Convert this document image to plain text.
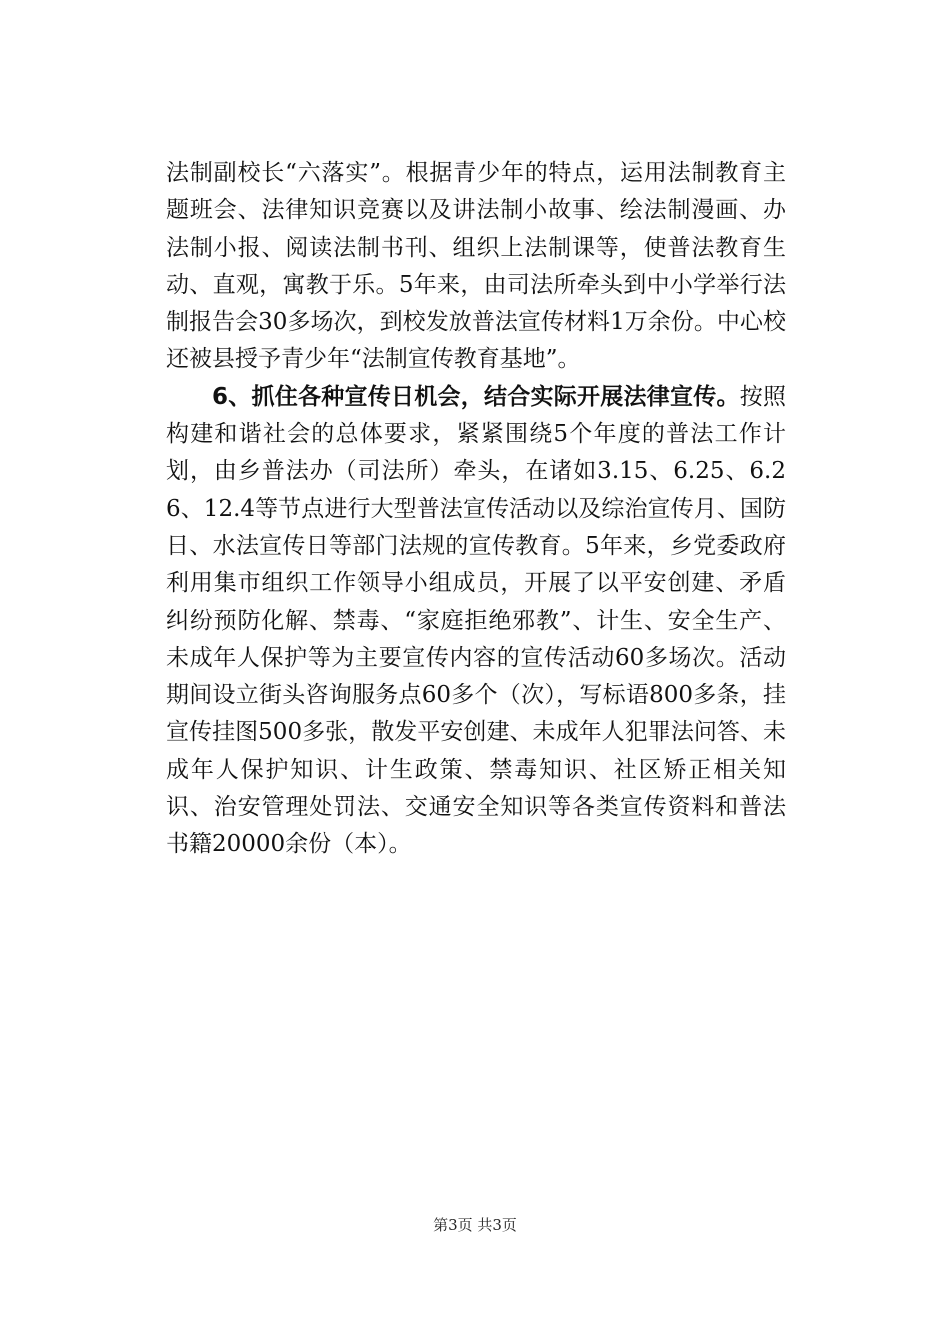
法制副校长“六落实”。根据青少年的特点，运用法制教育主题班会、法律知识竞赛以及讲法制小故事、绘法制漫画、办法制小报、阅读法制书刊、组织上法制课等，使普法教育生动、直观，寓教于乐。5年来，由司法所牵头到中小学举行法制报告会30多场次，到校发放普法宣传材料1万余份。中心校还被县授予青少年“法制宣传教育基地”。

6、抓住各种宣传日机会，结合实际开展法律宣传。按照构建和谐社会的总体要求，紧紧围绕5个年度的普法工作计划，由乡普法办（司法所）牵头，在诸如3.15、6.25、6.26、12.4等节点进行大型普法宣传活动以及综治宣传月、国防日、水法宣传日等部门法规的宣传教育。5年来，乡党委政府利用集市组织工作领导小组成员，开展了以平安创建、矛盾纠纷预防化解、禁毒、“家庭拒绝邪教”、计生、安全生产、未成年人保护等为主要宣传内容的宣传活动60多场次。活动期间设立街头咨询服务点60多个（次），写标语800多条，挂宣传挂图500多张，散发平安创建、未成年人犯罪法问答、未成年人保护知识、计生政策、禁毒知识、社区矫正相关知识、治安管理处罚法、交通安全知识等各类宣传资料和普法书籍20000余份（本）。

第3页 共3页
